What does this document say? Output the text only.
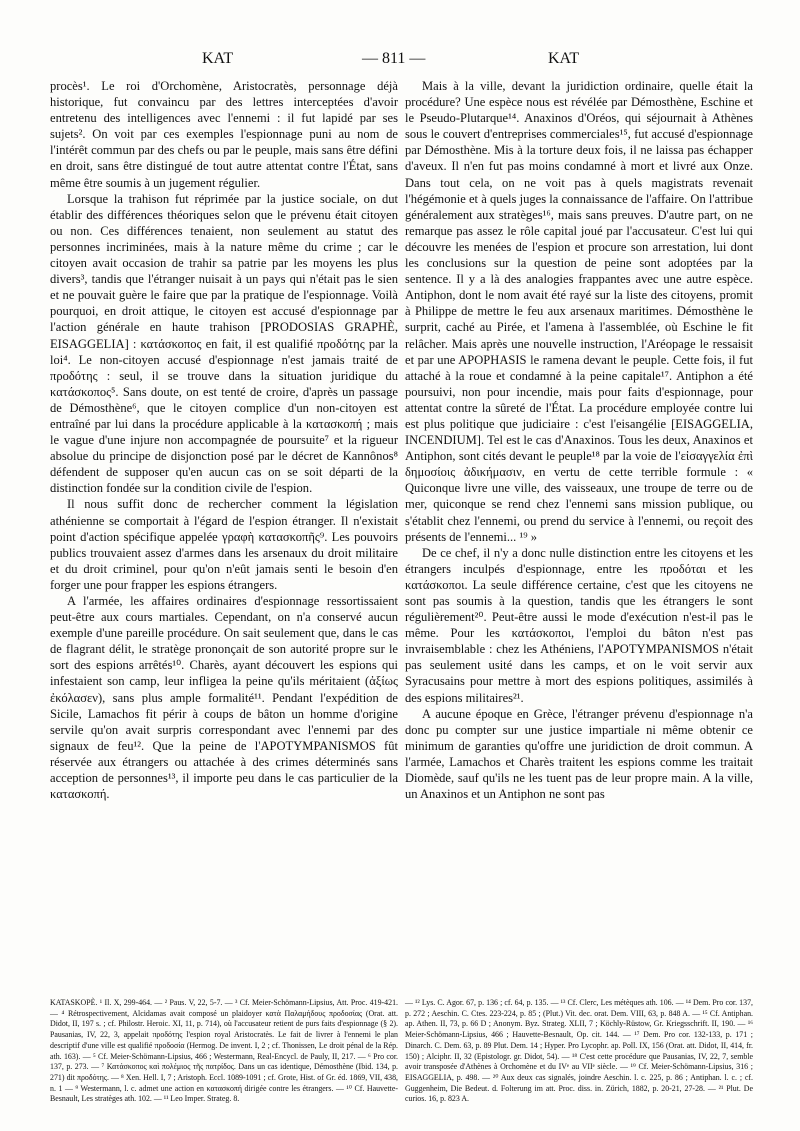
KAT	— 811 —	KAT

procès¹. Le roi d'Orchomène, Aristocratès, personnage déjà historique, fut convaincu par des lettres interceptées d'avoir entretenu des intelligences avec l'ennemi : il fut lapidé par ses sujets². On voit par ces exemples l'espionnage puni au nom de l'intérêt commun par des chefs ou par le peuple, mais sans être défini en droit, sans être distingué de tout autre attentat contre l'État, sans même être soumis à un jugement régulier.

Lorsque la trahison fut réprimée par la justice sociale, on dut établir des différences théoriques selon que le prévenu était citoyen ou non. Ces différences tenaient, non seulement au statut des personnes incriminées, mais à la nature même du crime ; car le citoyen avait occasion de trahir sa patrie par les moyens les plus divers³, tandis que l'étranger nuisait à un pays qui n'était pas le sien et ne pouvait guère le faire que par la pratique de l'espionnage. Voilà pourquoi, en droit attique, le citoyen est accusé d'espionnage par l'action générale en haute trahison [PRODOSIAS GRAPHÈ, EISAGGELIA] : κατάσκοπος en fait, il est qualifié προδότης par la loi⁴. Le non-citoyen accusé d'espionnage n'est jamais traité de προδότης : seul, il se trouve dans la situation juridique du κατάσκοπος⁵. Sans doute, on est tenté de croire, d'après un passage de Démosthène⁶, que le citoyen complice d'un non-citoyen est entraîné par lui dans la procédure applicable à la κατασκοπή ; mais le vague d'une injure non accompagnée de poursuite⁷ et la rigueur absolue du principe de disjonction posé par le décret de Kannônos⁸ défendent de supposer qu'en aucun cas on se soit départi de la distinction fondée sur la condition civile de l'espion.

Il nous suffit donc de rechercher comment la législation athénienne se comportait à l'égard de l'espion étranger. Il n'existait point d'action spécifique appelée γραφὴ κατασκοπῆς⁹. Les pouvoirs publics trouvaient assez d'armes dans les arsenaux du droit militaire et du droit criminel, pour qu'on n'eût jamais senti le besoin d'en forger une pour frapper les espions étrangers.

A l'armée, les affaires ordinaires d'espionnage ressortissaient peut-être aux cours martiales. Cependant, on n'a conservé aucun exemple d'une pareille procédure. On sait seulement que, dans le cas de flagrant délit, le stratège prononçait de son autorité propre sur le sort des espions arrêtés¹⁰. Charès, ayant découvert les espions qui infestaient son camp, leur infligea la peine qu'ils méritaient (ἀξίως ἐκόλασεν), sans plus ample formalité¹¹. Pendant l'expédition de Sicile, Lamachos fit périr à coups de bâton un homme d'origine servile qu'on avait surpris correspondant avec l'ennemi par des signaux de feu¹². Que la peine de l'APOTYMPANISMOS fût réservée aux étrangers ou attachée à des crimes déterminés sans acception de personnes¹³, il importe peu dans le cas particulier de la κατασκοπή.

Mais à la ville, devant la juridiction ordinaire, quelle était la procédure? Une espèce nous est révélée par Démosthène, Eschine et le Pseudo-Plutarque¹⁴. Anaxinos d'Oréos, qui séjournait à Athènes sous le couvert d'entreprises commerciales¹⁵, fut accusé d'espionnage par Démosthène. Mis à la torture deux fois, il ne laissa pas échapper d'aveux. Il n'en fut pas moins condamné à mort et livré aux Onze. Dans tout cela, on ne voit pas à quels magistrats revenait l'hégémonie et à quels juges la connaissance de l'affaire. On l'attribue généralement aux stratèges¹⁶, mais sans preuves. D'autre part, on ne remarque pas assez le rôle capital joué par l'accusateur. C'est lui qui découvre les menées de l'espion et procure son arrestation, lui dont les conclusions sur la question de peine sont adoptées par la sentence. Il y a là des analogies frappantes avec une autre espèce. Antiphon, dont le nom avait été rayé sur la liste des citoyens, promit à Philippe de mettre le feu aux arsenaux maritimes. Démosthène le surprit, caché au Pirée, et l'amena à l'assemblée, où Eschine le fit relâcher. Mais après une nouvelle instruction, l'Aréopage le ressaisit et par une APOPHASIS le ramena devant le peuple. Cette fois, il fut attaché à la roue et condamné à la peine capitale¹⁷. Antiphon a été poursuivi, non pour incendie, mais pour faits d'espionnage, pour attentat contre la sûreté de l'État. La procédure employée contre lui est plus politique que judiciaire : c'est l'eisangélie [EISAGGELIA, INCENDIUM]. Tel est le cas d'Anaxinos. Tous les deux, Anaxinos et Antiphon, sont cités devant le peuple¹⁸ par la voie de l'εἰσαγγελία ἐπὶ δημοσίοις ἀδικήμασιν, en vertu de cette terrible formule : « Quiconque livre une ville, des vaisseaux, une troupe de terre ou de mer, quiconque se rend chez l'ennemi sans mission publique, ou s'établit chez l'ennemi, ou prend du service à l'ennemi, ou reçoit des présents de l'ennemi... ¹⁹ »

De ce chef, il n'y a donc nulle distinction entre les citoyens et les étrangers inculpés d'espionnage, entre les προδόται et les κατάσκοποι. La seule différence certaine, c'est que les citoyens ne sont pas soumis à la question, tandis que les étrangers le sont régulièrement²⁰. Peut-être aussi le mode d'exécution n'est-il pas le même. Pour les κατάσκοποι, l'emploi du bâton n'est pas invraisemblable : chez les Athéniens, l'APOTYMPANISMOS n'était pas seulement usité dans les camps, et on le voit servir aux Syracusains pour mettre à mort des espions politiques, assimilés à des espions militaires²¹.

A aucune époque en Grèce, l'étranger prévenu d'espionnage n'a donc pu compter sur une justice impartiale ni même obtenir ce minimum de garanties qu'offre une juridiction de droit commun. A l'armée, Lamachos et Charès traitent les espions comme les traitait Diomède, sauf qu'ils ne les tuent pas de leur propre main. A la ville, un Anaxinos et un Antiphon ne sont pas

KATASKOPÈ. ¹ Il. X, 299-464. — ² Paus. V, 22, 5-7. — ³ Cf. Meier-Schömann-Lipsius, Att. Proc. 419-421. — ⁴ Rétrospectivement, Alcidamas avait composé un plaidoyer κατὰ Παλαμήδους προδοσίας (Orat. att. Didot, II, 197 s. ; cf. Philostr. Heroic. XI, 11, p. 714), où l'accusateur retient de purs faits d'espionnage (§ 2). Pausanias, IV, 22, 3, appelait προδότης l'espion royal Aristocratès. Le fait de livrer à l'ennemi le plan descriptif d'une ville est qualifié προδοσία (Hermog. De invent. I, 2 ; cf. Thonissen, Le droit pénal de la Rép. ath. 163). — ⁵ Cf. Meier-Schömann-Lipsius, 466 ; Westermann, Real-Encycl. de Pauly, II, 217. — ⁶ Pro cor. 137, p. 273. — ⁷ Κατάσκοπος καὶ πολέμιος τῆς πατρίδος. Dans un cas identique, Démosthène (Ibid. 134, p. 271) dit προδότης. — ⁸ Xen. Hell. I, 7 ; Aristoph. Eccl. 1089-1091 ; cf. Grote, Hist. of Gr. éd. 1869, VII, 438, n. 1 — ⁹ Westermann, l. c. admet une action en κατασκοπή dirigée contre les étrangers. — ¹⁰ Cf. Hauvette-Besnault, Les stratèges ath. 102. — ¹¹ Leo Imper. Strateg. 8.

— ¹² Lys. C. Agor. 67, p. 136 ; cf. 64, p. 135. — ¹³ Cf. Clerc, Les métèques ath. 106. — ¹⁴ Dem. Pro cor. 137, p. 272 ; Aeschin. C. Ctes. 223-224, p. 85 ; (Plut.) Vit. dec. orat. Dem. VIII, 63, p. 848 A. — ¹⁵ Cf. Antiphan. ap. Athen. II, 73, p. 66 D ; Anonym. Byz. Strateg. XLII, 7 ; Köchly-Rüstow, Gr. Kriegsschrift. II, 190. — ¹⁶ Meier-Schömann-Lipsius, 466 ; Hauvette-Besnault, Op. cit. 144. — ¹⁷ Dem. Pro cor. 132-133, p. 171 ; Dinarch. C. Dem. 63, p. 89 Plut. Dem. 14 ; Hyper. Pro Lycophr. ap. Poll. IX, 156 (Orat. att. Didot, II, 414, fr. 150) ; Alciphr. II, 32 (Epistologr. gr. Didot, 54). — ¹⁸ C'est cette procédure que Pausanias, IV, 22, 7, semble avoir transposée d'Athènes à Orchomène et du IVᵉ au VIIᵉ siècle. — ¹⁹ Cf. Meier-Schömann-Lipsius, 316 ; EISAGGELIA, p. 498. — ²⁰ Aux deux cas signalés, joindre Aeschin. l. c. 225, p. 86 ; Antiphan. l. c. ; cf. Guggenheim, Die Bedeut. d. Folterung im att. Proc. diss. in. Zürich, 1882, p. 20-21, 27-28. — ²¹ Plut. De curios. 16, p. 823 A.
